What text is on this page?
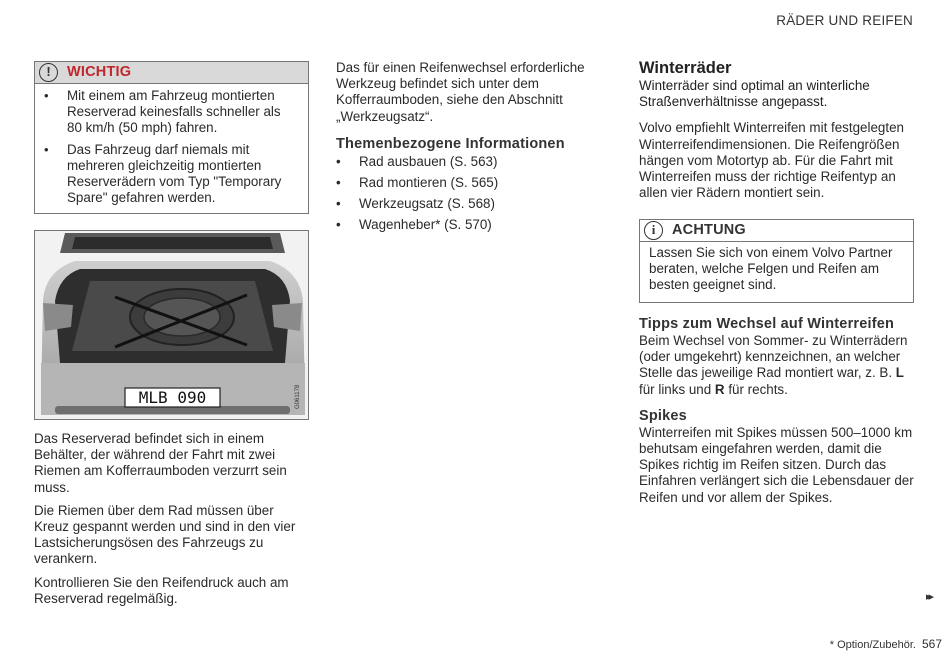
RÄDER UND REIFEN
!	WICHTIG
• Mit einem am Fahrzeug montierten Reserverad keinesfalls schneller als 80 km/h (50 mph) fahren.
• Das Fahrzeug darf niemals mit mehreren gleichzeitig montierten Reserverädern vom Typ "Temporary Spare" gefahren werden.
MLB 090	G061178

Das Reserverad befindet sich in einem Behälter, der während der Fahrt mit zwei Riemen am Kofferraumboden verzurrt sein muss.

Die Riemen über dem Rad müssen über Kreuz gespannt werden und sind in den vier Lastsicherungsösen des Fahrzeugs zu verankern.

Kontrollieren Sie den Reifendruck auch am Reserverad regelmäßig.

Das für einen Reifenwechsel erforderliche Werkzeug befindet sich unter dem Kofferraumboden, siehe den Abschnitt „Werkzeugsatz“.

Themenbezogene Informationen
• Rad ausbauen (S. 563)
• Rad montieren (S. 565)
• Werkzeugsatz (S. 568)
• Wagenheber* (S. 570)
Winterräder

Winterräder sind optimal an winterliche Straßenverhältnisse angepasst.

Volvo empfiehlt Winterreifen mit festgelegten Winterreifendimensionen. Die Reifengrößen hängen vom Motortyp ab. Für die Fahrt mit Winterreifen muss der richtige Reifentyp an allen vier Rädern montiert sein.

i	ACHTUNG
Lassen Sie sich von einem Volvo Partner beraten, welche Felgen und Reifen am besten geeignet sind.
Tipps zum Wechsel auf Winterreifen

Beim Wechsel von Sommer- zu Winterrädern (oder umgekehrt) kennzeichnen, an welcher Stelle das jeweilige Rad montiert war, z. B. L für links und R für rechts.

Spikes

Winterreifen mit Spikes müssen 500–1000 km behutsam eingefahren werden, damit die Spikes richtig im Reifen sitzen. Durch das Einfahren verlängert sich die Lebensdauer der Reifen und vor allem der Spikes.

▸▸
* Option/Zubehör. 567
